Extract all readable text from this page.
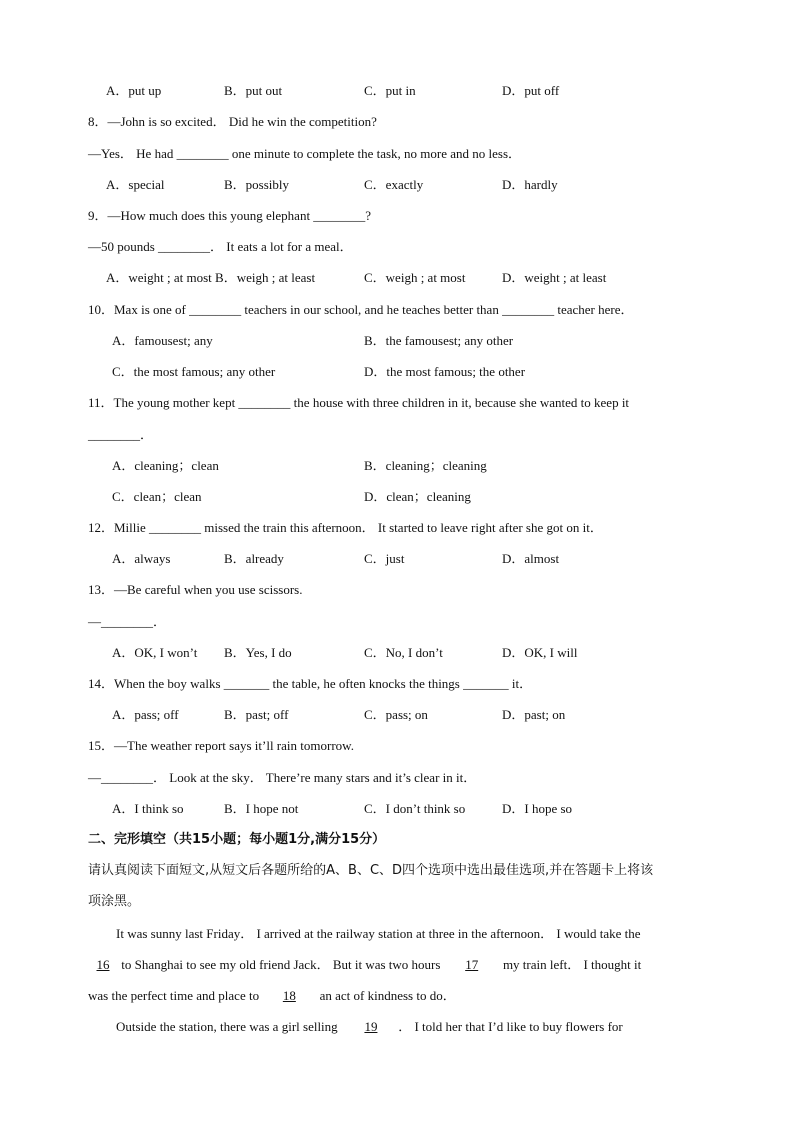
A．put up	B．put out	C．put in	D．put off
8．—John is so excited． Did he win the competition?
—Yes． He had ________ one minute to complete the task, no more and no less．
A．special	B．possibly	C．exactly	D．hardly
9．—How much does this young elephant ________?
—50 pounds ________． It eats a lot for a meal．
A．weight ; at most B．weigh ; at least	C．weigh ; at most	D．weight ; at least
10．Max is one of ________ teachers in our school, and he teaches better than ________ teacher here．
A．famousest; any	B．the famousest; any other
C．the most famous; any other	D．the most famous; the other
11．The young mother kept ________ the house with three children in it, because she wanted to keep it
________．
A．cleaning；clean	B．cleaning；cleaning
C．clean；clean	D．clean；cleaning
12．Millie ________ missed the train this afternoon． It started to leave right after she got on it．
A．always	B．already	C．just	D．almost
13．—Be careful when you use scissors.
—________．
A．OK, I won’t B．Yes, I do	C．No, I don’t	D．OK, I will
14．When the boy walks _______ the table, he often knocks the things _______ it．
A．pass; off	B．past; off	C．pass; on	D．past; on
15．—The weather report says it’ll rain tomorrow.
—________． Look at the sky． There’re many stars and it’s clear in it．
A．I think so	B．I hope not	C．I don’t think so	D．I hope so
二、完形填空（共15小题；每小题1分,满分15分）
请认真阅读下面短文,从短文后各题所给的A、B、C、D四个选项中选出最佳选项,并在答题卡上将该
项涂黑。
It was sunny last Friday． I arrived at the railway station at three in the afternoon． I would take the
16 to Shanghai to see my old friend Jack． But it was two hours 17 my train left． I thought it
was the perfect time and place to 18 an act of kindness to do．
Outside the station, there was a girl selling 19 ． I told her that I’d like to buy flowers for
